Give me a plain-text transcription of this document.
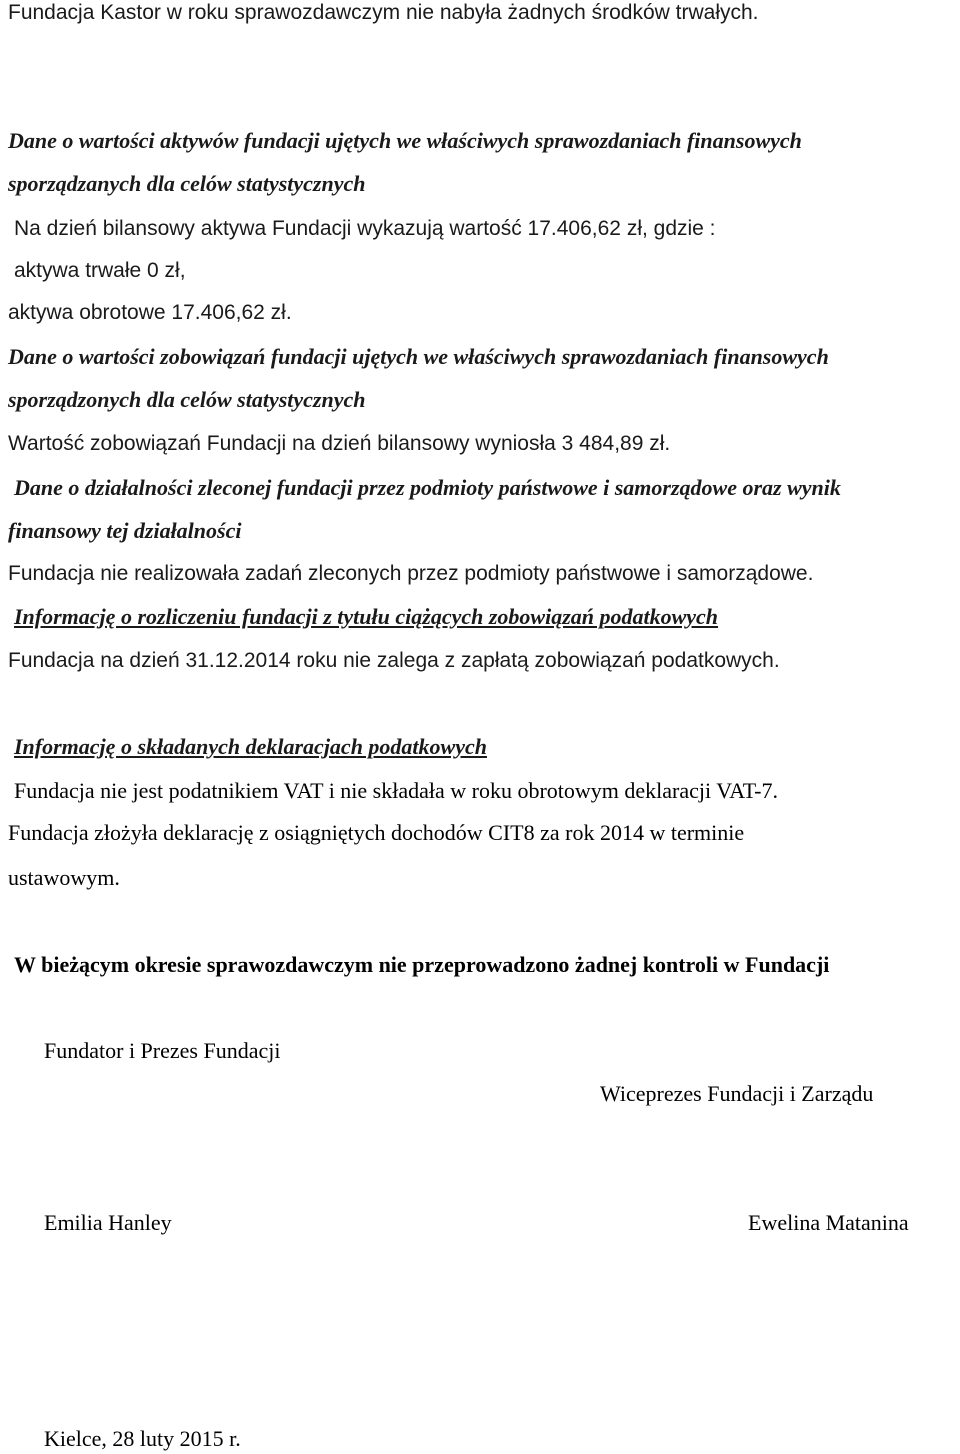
Fundacja Kastor w roku sprawozdawczym nie nabyła żadnych środków trwałych.
Dane o wartości aktywów fundacji ujętych we właściwych sprawozdaniach finansowych
sporządzanych dla celów statystycznych
Na dzień bilansowy aktywa Fundacji wykazują wartość 17.406,62 zł, gdzie :
aktywa trwałe 0 zł,
aktywa obrotowe 17.406,62 zł.
Dane o wartości zobowiązań fundacji ujętych we właściwych sprawozdaniach finansowych
sporządzonych dla celów statystycznych
Wartość zobowiązań Fundacji na dzień bilansowy wyniosła 3 484,89 zł.
Dane o działalności zleconej fundacji przez podmioty państwowe i samorządowe oraz wynik
finansowy tej działalności
Fundacja nie realizowała zadań zleconych przez podmioty państwowe i samorządowe.
Informację o rozliczeniu fundacji z tytułu ciążących zobowiązań podatkowych
Fundacja na dzień 31.12.2014 roku nie zalega z zapłatą zobowiązań podatkowych.
Informację o składanych deklaracjach podatkowych
Fundacja nie jest podatnikiem VAT i nie składała w roku obrotowym deklaracji VAT-7.
Fundacja złożyła deklarację z osiągniętych dochodów CIT8 za rok 2014 w terminie
ustawowym.
W bieżącym okresie sprawozdawczym nie przeprowadzono żadnej kontroli w Fundacji
Fundator i Prezes Fundacji
Wiceprezes Fundacji i Zarządu
Emilia Hanley	Ewelina Matanina
Kielce, 28 luty 2015 r.
